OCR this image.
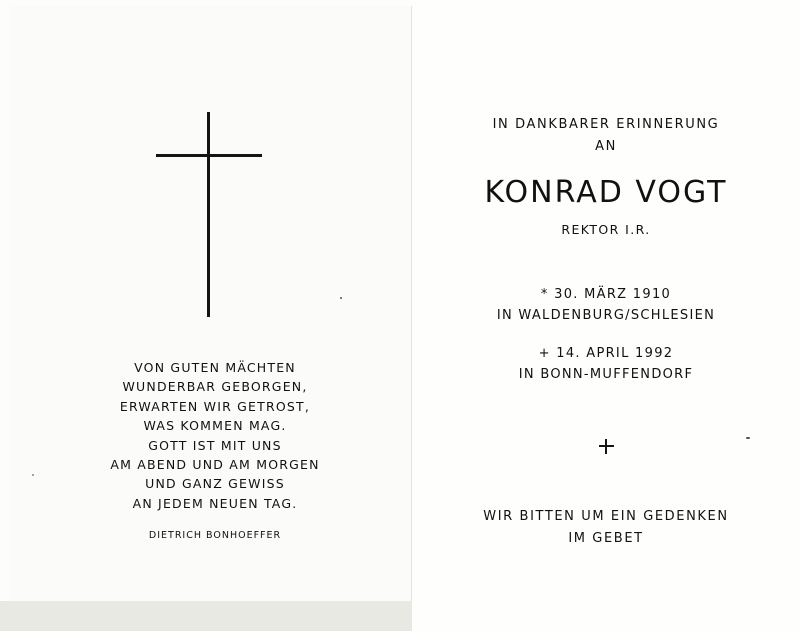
VON GUTEN MÄCHTEN
WUNDERBAR GEBORGEN,
ERWARTEN WIR GETROST,
WAS KOMMEN MAG.
GOTT IST MIT UNS
AM ABEND UND AM MORGEN
UND GANZ GEWISS
AN JEDEM NEUEN TAG.
DIETRICH BONHOEFFER
IN DANKBARER ERINNERUNG
AN
KONRAD VOGT
REKTOR I.R.
* 30. MÄRZ 1910
IN WALDENBURG/SCHLESIEN
+ 14. APRIL 1992
IN BONN-MUFFENDORF
WIR BITTEN UM EIN GEDENKEN
IM GEBET
